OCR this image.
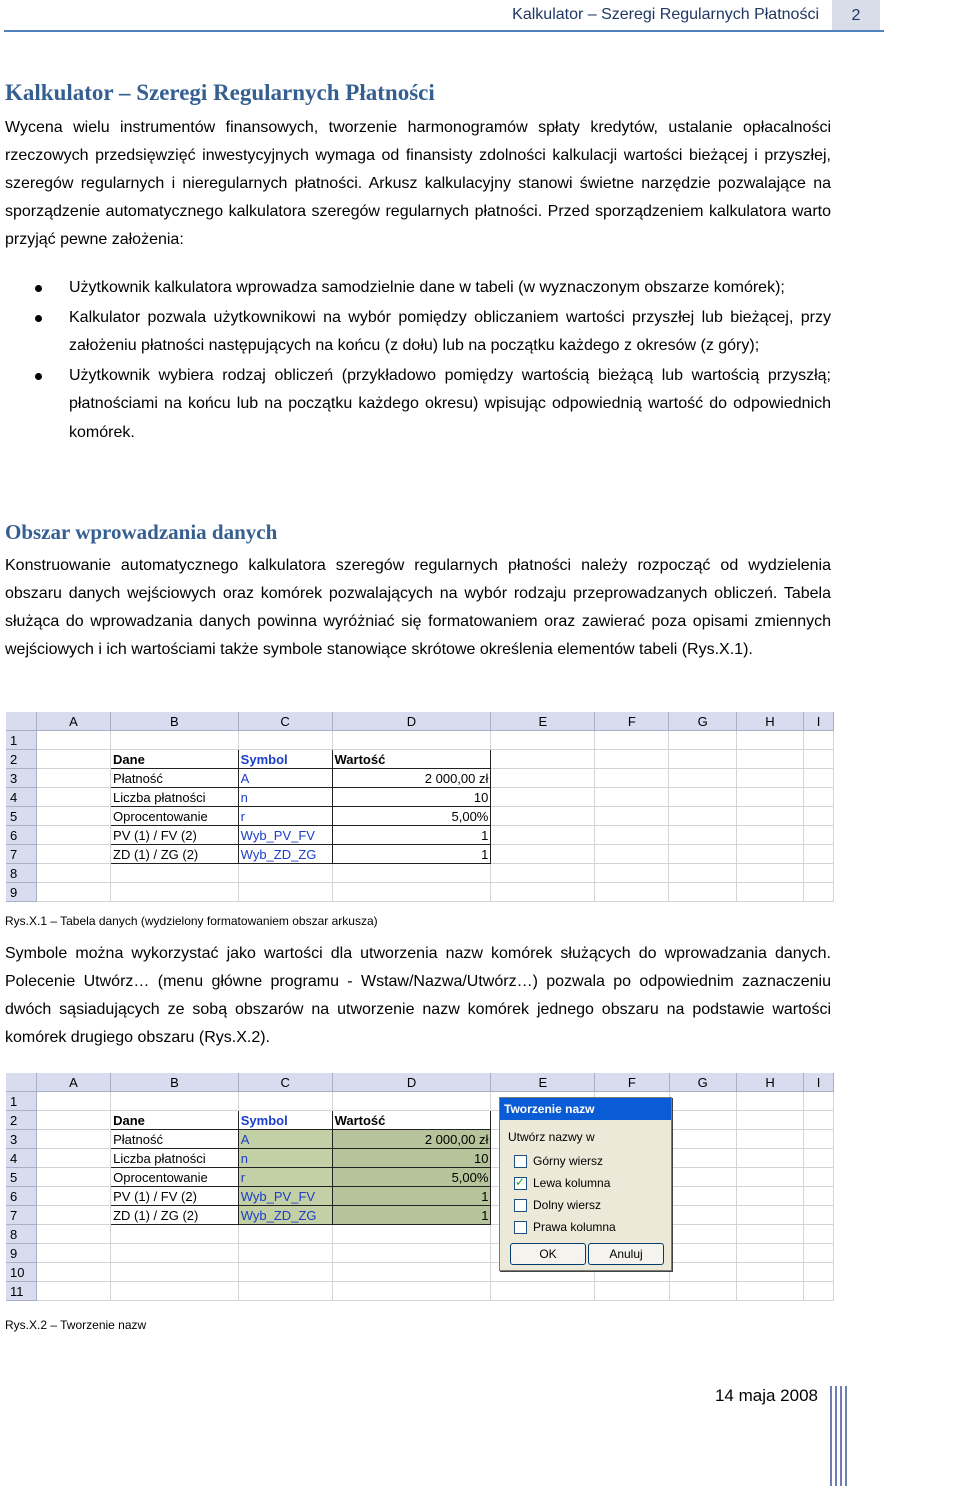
Kalkulator – Szeregi Regularnych Płatności	2
Kalkulator – Szeregi Regularnych Płatności

Wycena wielu instrumentów finansowych, tworzenie harmonogramów spłaty kredytów, ustalanie opłacalności rzeczowych przedsięwzięć inwestycyjnych wymaga od finansisty zdolności kalkulacji wartości bieżącej i przyszłej, szeregów regularnych i nieregularnych płatności. Arkusz kalkulacyjny stanowi świetne narzędzie pozwalające na sporządzenie automatycznego kalkulatora szeregów regularnych płatności. Przed sporządzeniem kalkulatora warto przyjąć pewne założenia:

Użytkownik kalkulatora wprowadza samodzielnie dane w tabeli (w wyznaczonym obszarze komórek);
Kalkulator pozwala użytkownikowi na wybór pomiędzy obliczaniem wartości przyszłej lub bieżącej, przy założeniu płatności następujących na końcu (z dołu) lub na początku każdego z okresów (z góry);
Użytkownik wybiera rodzaj obliczeń (przykładowo pomiędzy wartością bieżącą lub wartością przyszłą; płatnościami na końcu lub na początku każdego okresu) wpisując odpowiednią wartość do odpowiednich komórek.
Obszar wprowadzania danych

Konstruowanie automatycznego kalkulatora szeregów regularnych płatności należy rozpocząć od wydzielenia obszaru danych wejściowych oraz komórek pozwalających na wybór rodzaju przeprowadzanych obliczeń. Tabela służąca do wprowadzania danych powinna wyróżniać się formatowaniem oraz zawierać poza opisami zmiennych wejściowych i ich wartościami także symbole stanowiące skrótowe określenia elementów tabeli (Rys.X.1).

	A	B	C	D	E	F	G	H	I
1									
2		Dane	Symbol	Wartość					
3		Płatność	A	2 000,00 zł					
4		Liczba płatności	n	10					
5		Oprocentowanie	r	5,00%					
6		PV (1) / FV (2)	Wyb_PV_FV	1					
7		ZD (1) / ZG (2)	Wyb_ZD_ZG	1					
8									
9									
Rys.X.1 – Tabela danych (wydzielony formatowaniem obszar arkusza)

Symbole można wykorzystać jako wartości dla utworzenia nazw komórek służących do wprowadzania danych. Polecenie Utwórz… (menu główne programu - Wstaw/Nazwa/Utwórz…) pozwala po odpowiednim zaznaczeniu dwóch sąsiadujących ze sobą obszarów na utworzenie nazw komórek jednego obszaru na podstawie wartości komórek drugiego obszaru (Rys.X.2).

	A	B	C	D	E	F	G	H	I
1									
2		Dane	Symbol	Wartość					
3		Płatność	A	2 000,00 zł					
4		Liczba płatności	n	10					
5		Oprocentowanie	r	5,00%					
6		PV (1) / FV (2)	Wyb_PV_FV	1					
7		ZD (1) / ZG (2)	Wyb_ZD_ZG	1					
8									
9									
10									
11									
Tworzenie nazw
Utwórz nazwy w
Górny wiersz
✓Lewa kolumna
Dolny wiersz
Prawa kolumna
OK	Anuluj
Rys.X.2 – Tworzenie nazw
14 maja 2008
